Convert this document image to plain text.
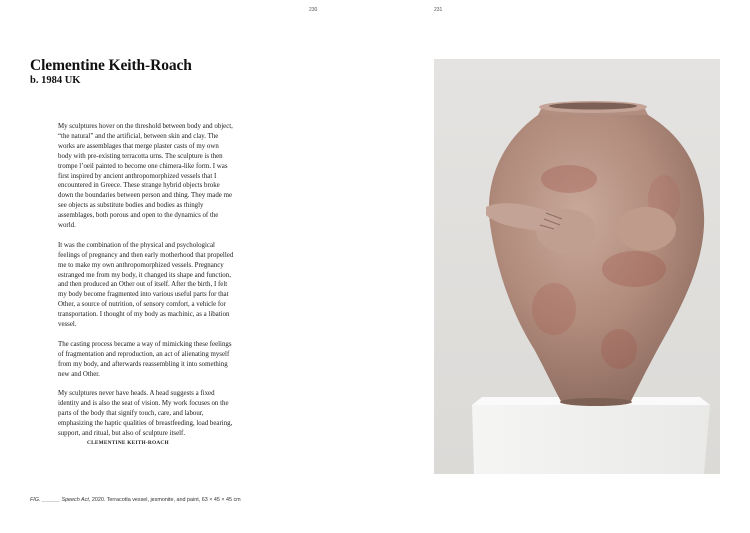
230	231
Clementine Keith-Roach
b. 1984 UK

My sculptures hover on the threshold between body and object, “the natural” and the artificial, between skin and clay. The works are assemblages that merge plaster casts of my own body with pre-existing terracotta urns. The sculpture is then trompe l’oeil painted to become one chimera-like form. I was first inspired by ancient anthropomorphized vessels that I encountered in Greece. These strange hybrid objects broke down the boundaries between person and thing. They made me see objects as substitute bodies and bodies as thingly assemblages, both porous and open to the dynamics of the world.

It was the combination of the physical and psychological feelings of pregnancy and then early motherhood that propelled me to make my own anthropomorphized vessels. Pregnancy estranged me from my body, it changed its shape and function, and then produced an Other out of itself. After the birth, I felt my body become fragmented into various useful parts for that Other, a source of nutrition, of sensory comfort, a vehicle for transportation. I thought of my body as machinic, as a libation vessel.

The casting process became a way of mimicking these feelings of fragmentation and reproduction, an act of alienating myself from my body, and afterwards reassembling it into something new and Other.

My sculptures never have heads. A head suggests a fixed identity and is also the seat of vision. My work focuses on the parts of the body that signify touch, care, and labour, emphasizing the haptic qualities of breastfeeding, load bearing, support, and ritual, but also of sculpture itself.

CLEMENTINE KEITH-ROACH
FIG. ______ Speech Act, 2020. Terracotta vessel, jesmonite, and paint, 63 × 45 × 45 cm
